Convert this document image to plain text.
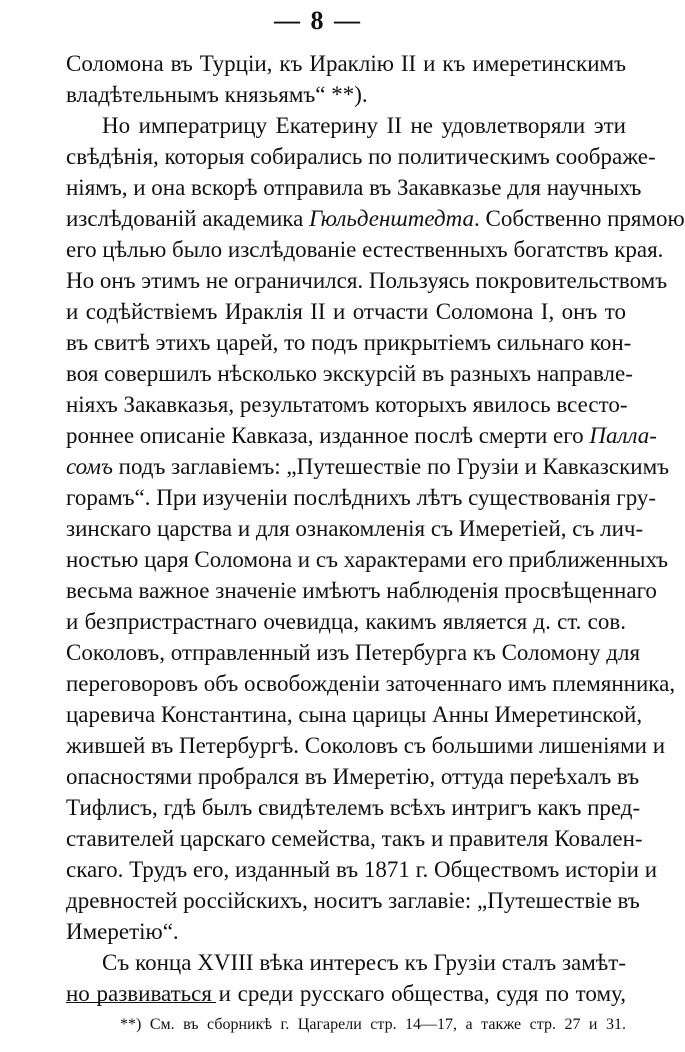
— 8 —
Соломона въ Турціи, къ Ираклію II и къ имеретинскимъ
владѣтельнымъ князьямъ“ **).
Но императрицу Екатерину II не удовлетворяли эти
свѣдѣнія, которыя собирались по политическимъ соображе-
ніямъ, и она вскорѣ отправила въ Закавказье для научныхъ
изслѣдованій академика Гюльденштедта. Собственно прямою
его цѣлью было изслѣдованіе естественныхъ богатствъ края.
Но онъ этимъ не ограничился. Пользуясь покровительствомъ
и содѣйствіемъ Ираклія II и отчасти Соломона I, онъ то
въ свитѣ этихъ царей, то подъ прикрытіемъ сильнаго кон-
воя совершилъ нѣсколько экскурсій въ разныхъ направле-
ніяхъ Закавказья, результатомъ которыхъ явилось всесто-
роннее описаніе Кавказа, изданное послѣ смерти его Палла-
сомъ подъ заглавіемъ: „Путешествіе по Грузіи и Кавказскимъ
горамъ“. При изученіи послѣднихъ лѣтъ существованія гру-
зинскаго царства и для ознакомленія съ Имеретіей, съ лич-
ностью царя Соломона и съ характерами его приближенныхъ
весьма важное значеніе имѣютъ наблюденія просвѣщеннаго
и безпристрастнаго очевидца, какимъ является д. ст. сов.
Соколовъ, отправленный изъ Петербурга къ Соломону для
переговоровъ объ освобожденіи заточеннаго имъ племянника,
царевича Константина, сына царицы Анны Имеретинской,
жившей въ Петербургѣ. Соколовъ съ большими лишеніями и
опасностями пробрался въ Имеретію, оттуда переѣхалъ въ
Тифлисъ, гдѣ былъ свидѣтелемъ всѣхъ интригъ какъ пред-
ставителей царскаго семейства, такъ и правителя Ковален-
скаго. Трудъ его, изданный въ 1871 г. Обществомъ исторіи и
древностей россійскихъ, носитъ заглавіе: „Путешествіе въ
Имеретію“.
Съ конца XVIII вѣка интересъ къ Грузіи сталъ замѣт-
но развиваться и среди русскаго общества, судя по тому,
**) См. въ сборникѣ г. Цагарели стр. 14—17, а также стр. 27 и 31.
